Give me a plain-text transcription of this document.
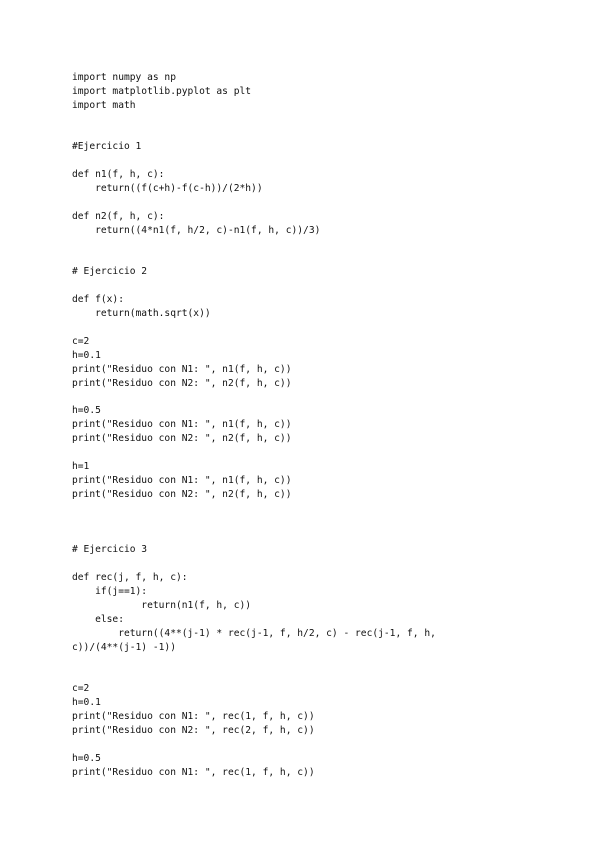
import numpy as np
import matplotlib.pyplot as plt
import math
#Ejercicio 1
def n1(f, h, c):
return((f(c+h)-f(c-h))/(2*h))
def n2(f, h, c):
return((4*n1(f, h/2, c)-n1(f, h, c))/3)
# Ejercicio 2
def f(x):
return(math.sqrt(x))
c=2
h=0.1
print("Residuo con N1: ", n1(f, h, c))
print("Residuo con N2: ", n2(f, h, c))
h=0.5
print("Residuo con N1: ", n1(f, h, c))
print("Residuo con N2: ", n2(f, h, c))
h=1
print("Residuo con N1: ", n1(f, h, c))
print("Residuo con N2: ", n2(f, h, c))
# Ejercicio 3
def rec(j, f, h, c):
if(j==1):
return(n1(f, h, c))
else:
return((4**(j-1) * rec(j-1, f, h/2, c) - rec(j-1, f, h,
c))/(4**(j-1) -1))
c=2
h=0.1
print("Residuo con N1: ", rec(1, f, h, c))
print("Residuo con N2: ", rec(2, f, h, c))
h=0.5
print("Residuo con N1: ", rec(1, f, h, c))
